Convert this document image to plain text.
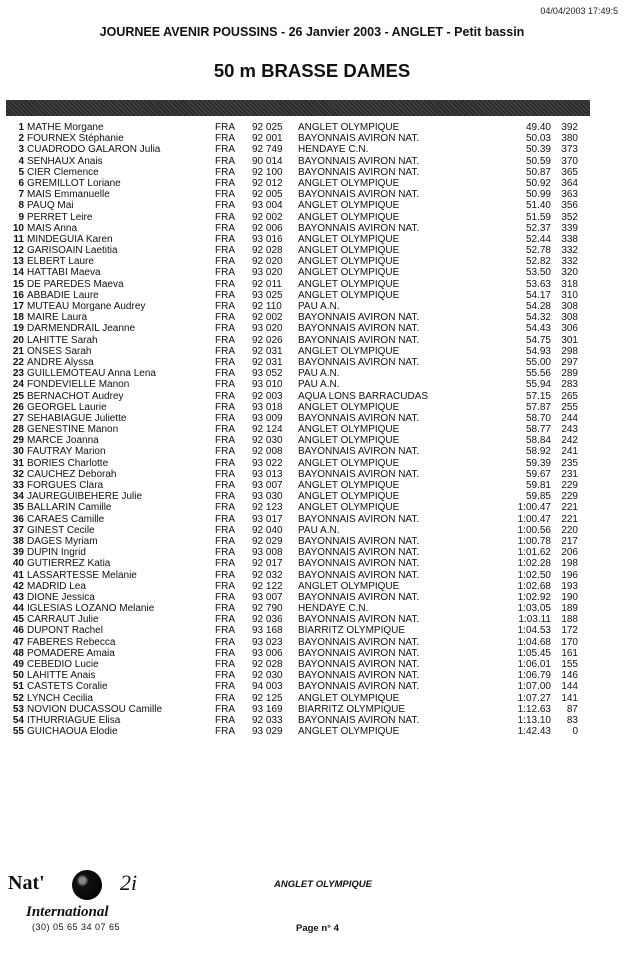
04/04/2003 17:49:5
JOURNEE AVENIR POUSSINS - 26 Janvier 2003 - ANGLET - Petit bassin
50 m BRASSE DAMES
1 MATHE Morgane	FRA 92 025 ANGLET OLYMPIQUE	49.40	392
2 FOURNEX Stéphanie	FRA 92 001 BAYONNAIS AVIRON NAT.	50.03	380
3 CUADRODO GALARON Julia	FRA 92 749 HENDAYE C.N.	50.39	373
4 SENHAUX Anais	FRA 90 014 BAYONNAIS AVIRON NAT.	50.59	370
5 CIER Clemence	FRA 92 100 BAYONNAIS AVIRON NAT.	50.87	365
6 GREMILLOT Loriane	FRA 92 012 ANGLET OLYMPIQUE	50.92	364
7 MAIS Emmanuelle	FRA 92 005 BAYONNAIS AVIRON NAT.	50.99	363
8 PAUQ Mai	FRA 93 004 ANGLET OLYMPIQUE	51.40	356
9 PERRET Leire	FRA 92 002 ANGLET OLYMPIQUE	51.59	352
10 MAIS Anna	FRA 92 006 BAYONNAIS AVIRON NAT.	52.37	339
11 MINDEGUIA Karen	FRA 93 016 ANGLET OLYMPIQUE	52.44	338
12 GARISOAIN Laetitia	FRA 92 028 ANGLET OLYMPIQUE	52.78	332
13 ELBERT Laure	FRA 92 020 ANGLET OLYMPIQUE	52.82	332
14 HATTABI Maeva	FRA 93 020 ANGLET OLYMPIQUE	53.50	320
15 DE PAREDES Maeva	FRA 92 011 ANGLET OLYMPIQUE	53.63	318
16 ABBADIE Laure	FRA 93 025 ANGLET OLYMPIQUE	54.17	310
17 MUTEAU Morgane Audrey	FRA 92 110 PAU A.N.	54.28	308
18 MAIRE Laura	FRA 92 002 BAYONNAIS AVIRON NAT.	54.32	308
19 DARMENDRAIL Jeanne	FRA 93 020 BAYONNAIS AVIRON NAT.	54.43	306
20 LAHITTE Sarah	FRA 92 026 BAYONNAIS AVIRON NAT.	54.75	301
21 ONSES Sarah	FRA 92 031 ANGLET OLYMPIQUE	54.93	298
22 ANDRE Alyssa	FRA 92 031 BAYONNAIS AVIRON NAT.	55.00	297
23 GUILLEMOTEAU Anna Lena	FRA 93 052 PAU A.N.	55.56	289
24 FONDEVIELLE Manon	FRA 93 010 PAU A.N.	55.94	283
25 BERNACHOT Audrey	FRA 92 003 AQUA LONS BARRACUDAS	57.15	265
26 GEORGEL Laurie	FRA 93 018 ANGLET OLYMPIQUE	57.87	255
27 SEHABIAGUE Juliette	FRA 93 009 BAYONNAIS AVIRON NAT.	58.70	244
28 GENESTINE Manon	FRA 92 124 ANGLET OLYMPIQUE	58.77	243
29 MARCE Joanna	FRA 92 030 ANGLET OLYMPIQUE	58.84	242
30 FAUTRAY Marion	FRA 92 008 BAYONNAIS AVIRON NAT.	58.92	241
31 BORIES Charlotte	FRA 93 022 ANGLET OLYMPIQUE	59.39	235
32 CAUCHEZ Deborah	FRA 93 013 BAYONNAIS AVIRON NAT.	59.67	231
33 FORGUES Clara	FRA 93 007 ANGLET OLYMPIQUE	59.81	229
34 JAUREGUIBEHERE Julie	FRA 93 030 ANGLET OLYMPIQUE	59.85	229
35 BALLARIN Camille	FRA 92 123 ANGLET OLYMPIQUE	1:00.47	221
36 CARAES Camille	FRA 93 017 BAYONNAIS AVIRON NAT.	1:00.47	221
37 GINEST Cecile	FRA 92 040 PAU A.N.	1:00.56	220
38 DAGES Myriam	FRA 92 029 BAYONNAIS AVIRON NAT.	1:00.78	217
39 DUPIN Ingrid	FRA 93 008 BAYONNAIS AVIRON NAT.	1:01.62	206
40 GUTIERREZ Katia	FRA 92 017 BAYONNAIS AVIRON NAT.	1:02.28	198
41 LASSARTESSE Melanie	FRA 92 032 BAYONNAIS AVIRON NAT.	1:02.50	196
42 MADRID Lea	FRA 92 122 ANGLET OLYMPIQUE	1:02.68	193
43 DIONE Jessica	FRA 93 007 BAYONNAIS AVIRON NAT.	1:02.92	190
44 IGLESIAS LOZANO Melanie	FRA 92 790 HENDAYE C.N.	1:03.05	189
45 CARRAUT Julie	FRA 92 036 BAYONNAIS AVIRON NAT.	1:03.11	188
46 DUPONT Rachel	FRA 93 168 BIARRITZ OLYMPIQUE	1:04.53	172
47 FABERES Rebecca	FRA 93 023 BAYONNAIS AVIRON NAT.	1:04.68	170
48 POMADERE Amaia	FRA 93 006 BAYONNAIS AVIRON NAT.	1:05.45	161
49 CEBEDIO Lucie	FRA 92 028 BAYONNAIS AVIRON NAT.	1:06.01	155
50 LAHITTE Anais	FRA 92 030 BAYONNAIS AVIRON NAT.	1:06.79	146
51 CASTETS Coralie	FRA 94 003 BAYONNAIS AVIRON NAT.	1:07.00	144
52 LYNCH Cecilia	FRA 92 125 ANGLET OLYMPIQUE	1:07.27	141
53 NOVION DUCASSOU Camille	FRA 93 169 BIARRITZ OLYMPIQUE	1:12.63	87
54 ITHURRIAGUE Elisa	FRA 92 033 BAYONNAIS AVIRON NAT.	1:13.10	83
55 GUICHAOUA Elodie	FRA 93 029 ANGLET OLYMPIQUE	1:42.43	0
Nat'	2i
International
(30) 05 65 34 07 65
ANGLET OLYMPIQUE
Page n° 4
